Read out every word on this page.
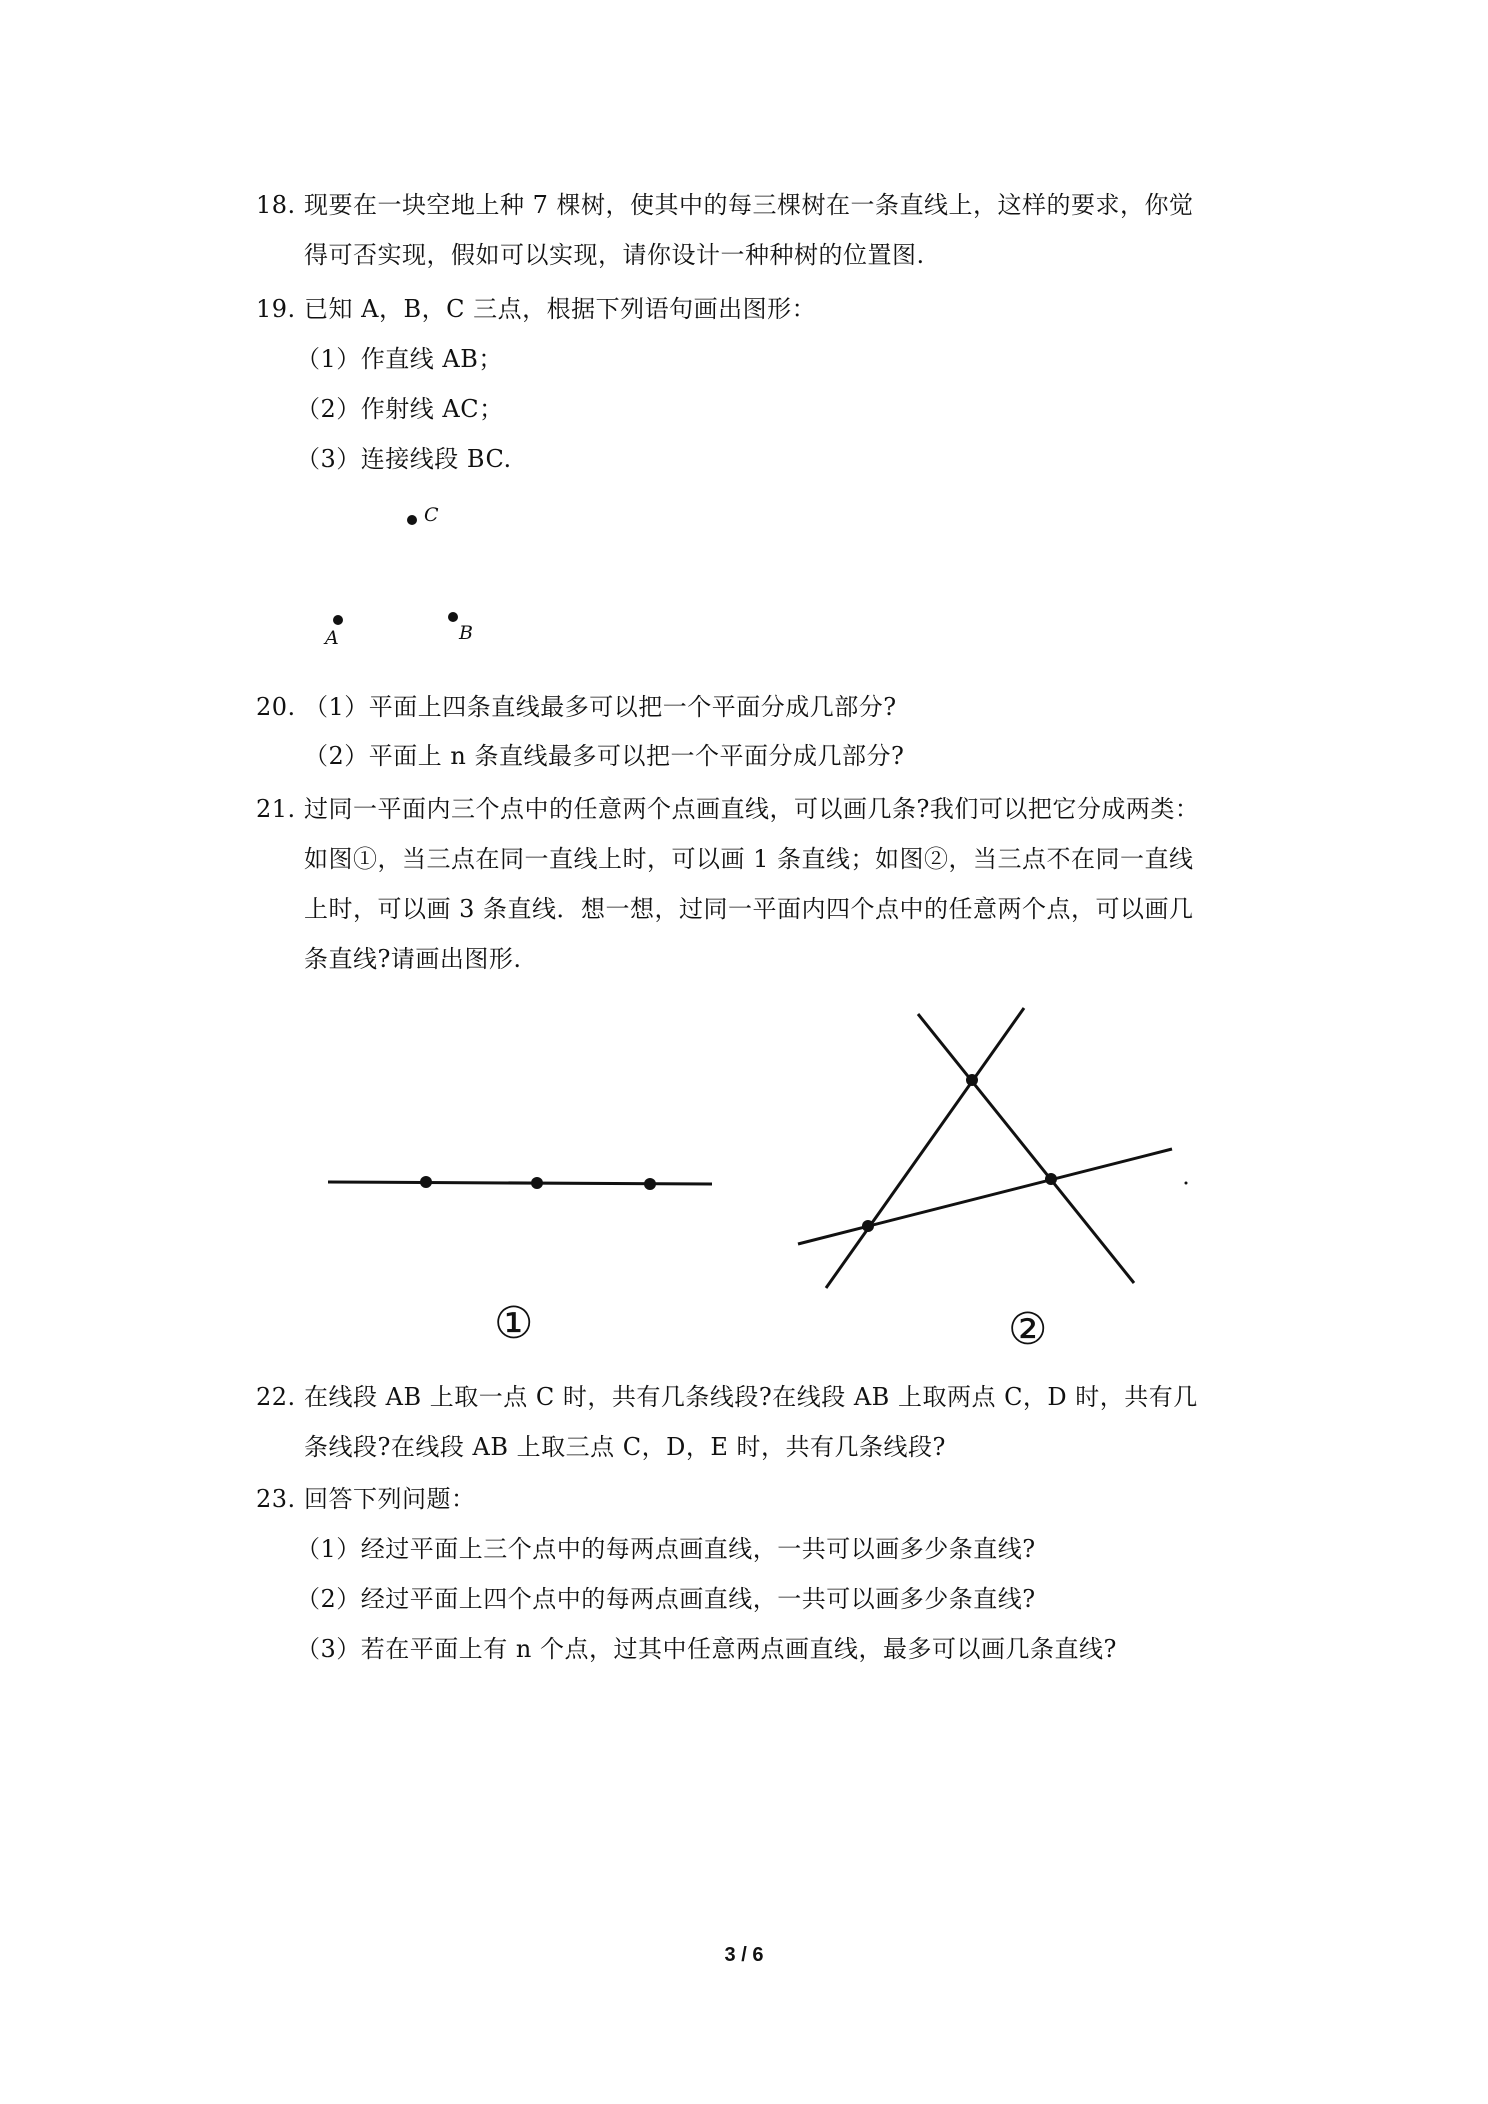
18. 现要在一块空地上种 7 棵树，使其中的每三棵树在一条直线上，这样的要求，你觉
得可否实现，假如可以实现，请你设计一种种树的位置图.
19. 已知 A，B，C 三点，根据下列语句画出图形：
（1）作直线 AB；
（2）作射线 AC；
（3）连接线段 BC.
C
A	B
20. （1）平面上四条直线最多可以把一个平面分成几部分?
（2）平面上 n 条直线最多可以把一个平面分成几部分?
21. 过同一平面内三个点中的任意两个点画直线，可以画几条?我们可以把它分成两类：
如图①，当三点在同一直线上时，可以画 1 条直线；如图②，当三点不在同一直线
上时，可以画 3 条直线．想一想，过同一平面内四个点中的任意两个点，可以画几
条直线?请画出图形.
①	②
22. 在线段 AB 上取一点 C 时，共有几条线段?在线段 AB 上取两点 C，D 时，共有几
条线段?在线段 AB 上取三点 C，D，E 时，共有几条线段?
23. 回答下列问题：
（1）经过平面上三个点中的每两点画直线，一共可以画多少条直线?
（2）经过平面上四个点中的每两点画直线，一共可以画多少条直线?
（3）若在平面上有 n 个点，过其中任意两点画直线，最多可以画几条直线?
3 / 6
